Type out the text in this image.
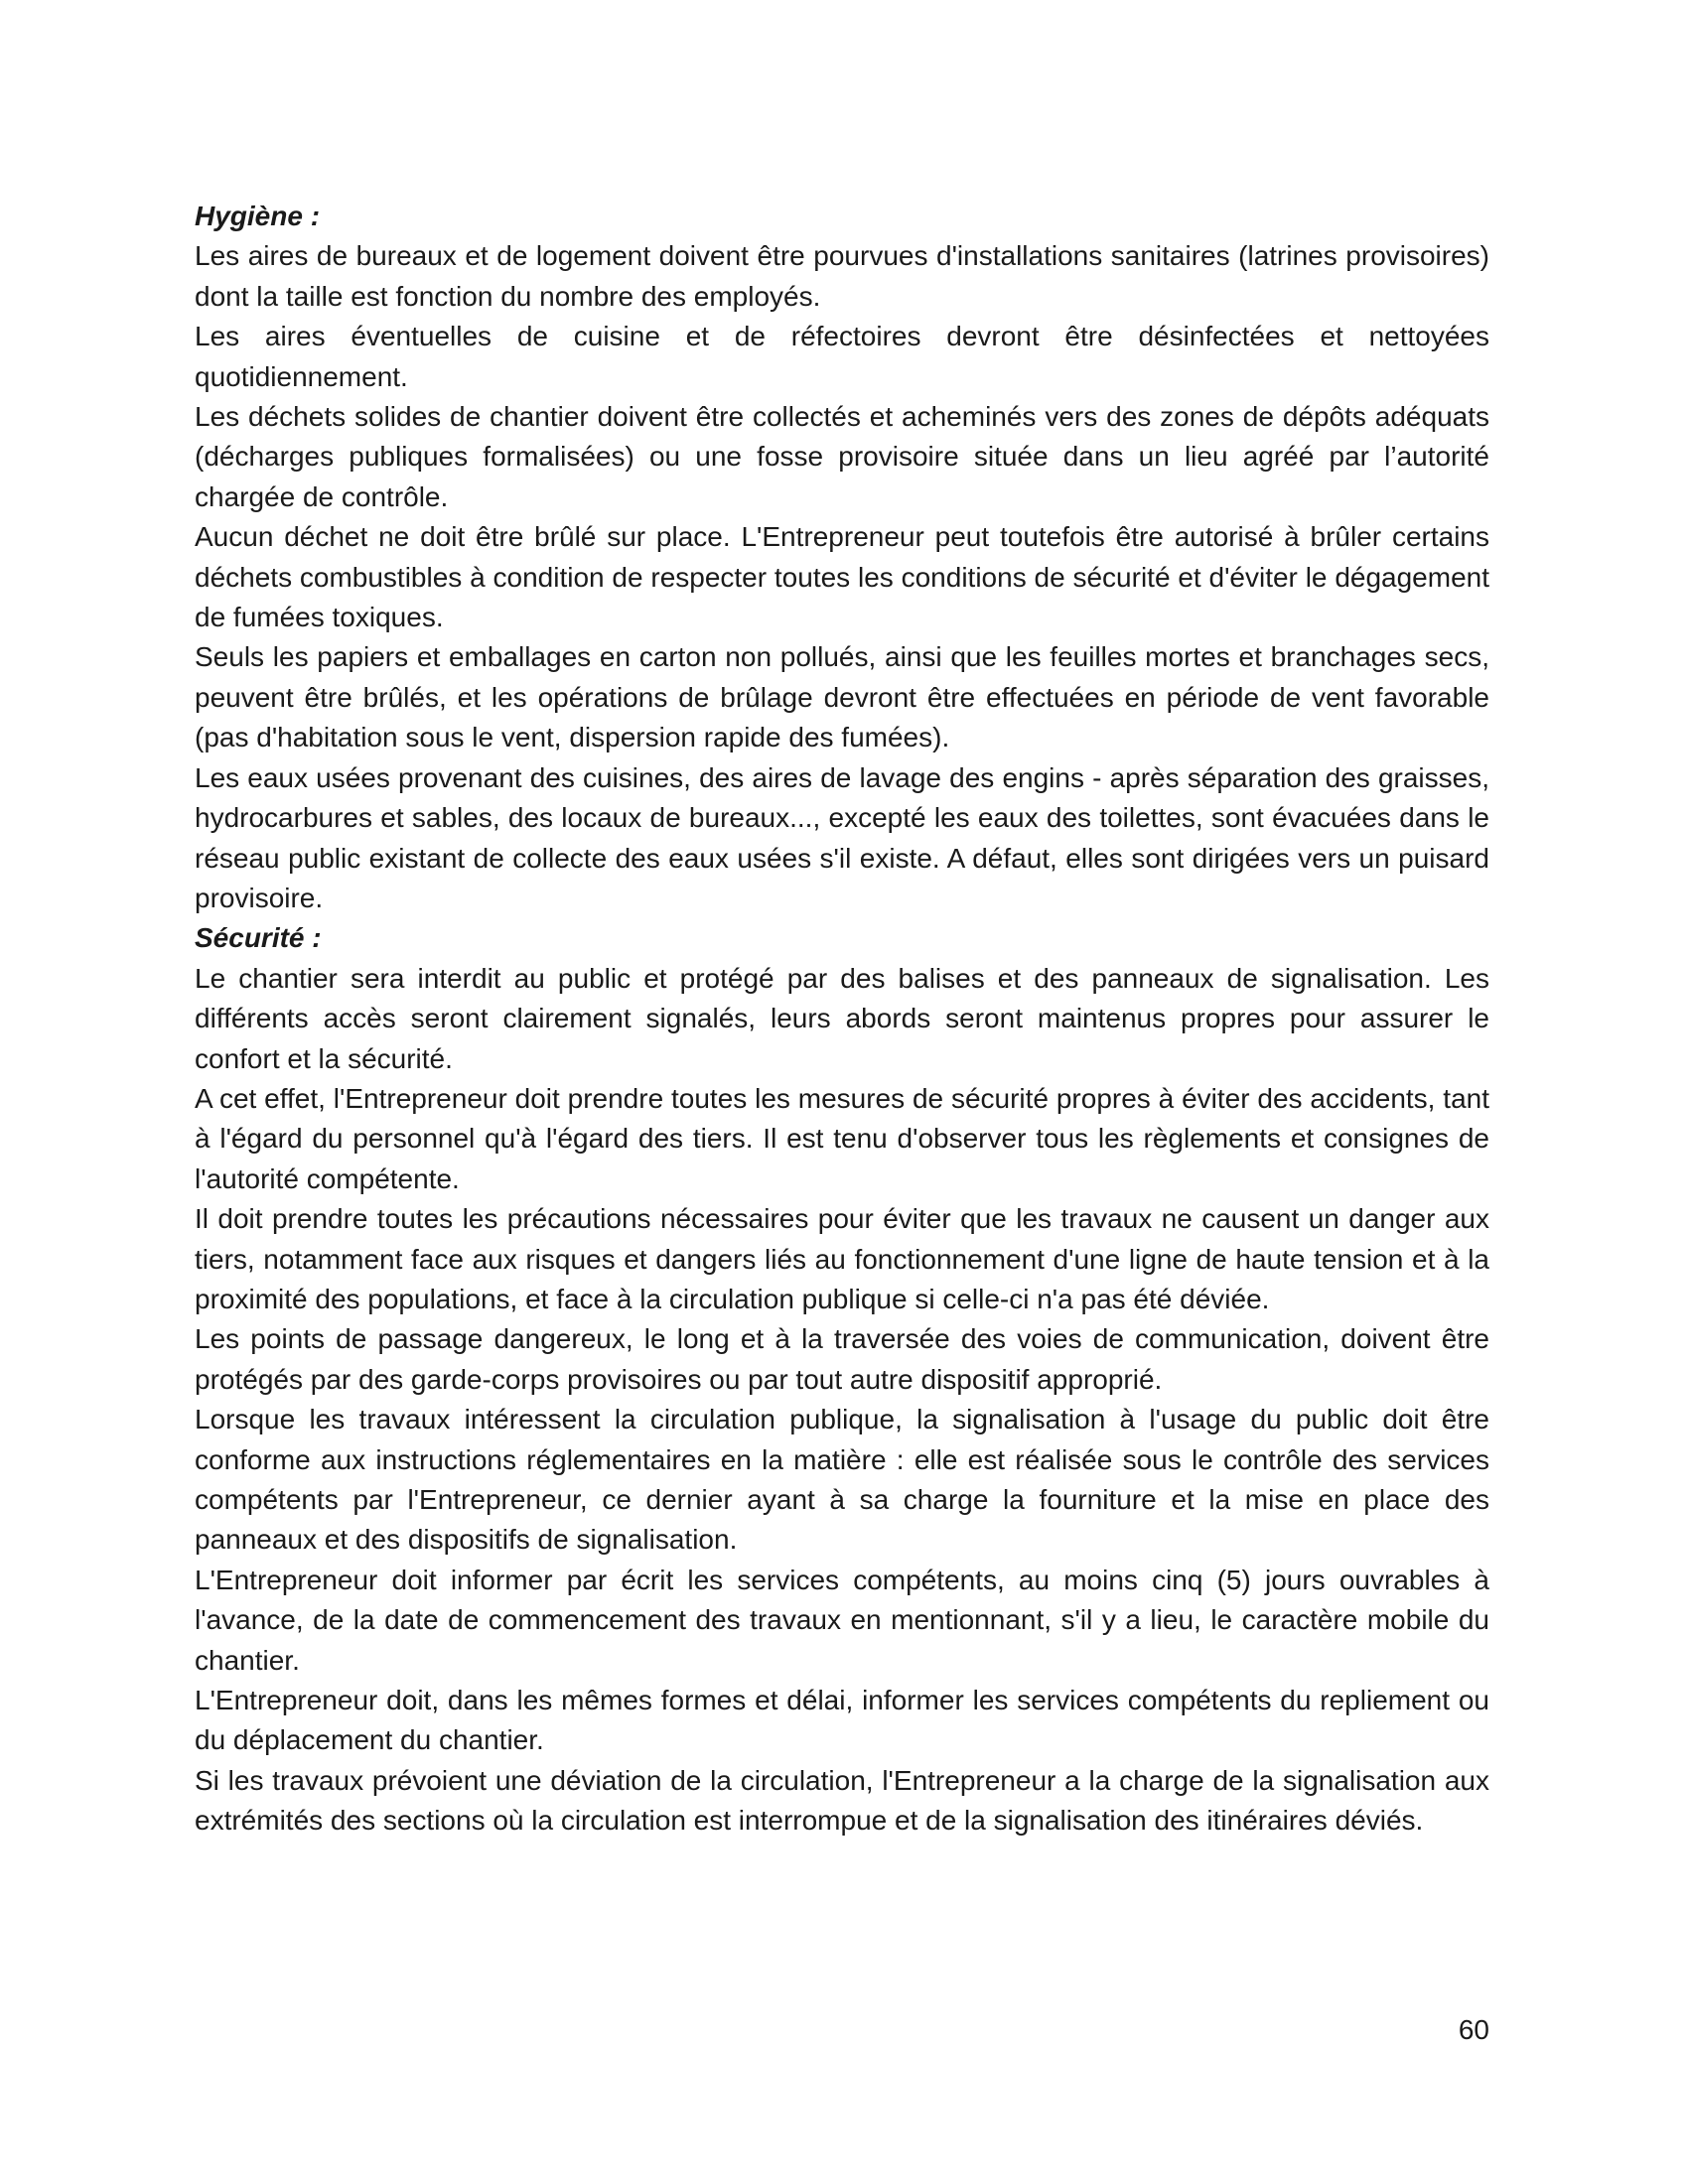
Hygiène :

Les aires de bureaux et de logement doivent être pourvues d'installations sanitaires (latrines provisoires) dont la taille est fonction du nombre des employés.

Les aires éventuelles de cuisine et de réfectoires devront être désinfectées et nettoyées quotidiennement.

Les déchets solides de chantier doivent être collectés et acheminés vers des zones de dépôts adéquats (décharges publiques formalisées) ou une fosse provisoire située dans un lieu agréé par l’autorité chargée de contrôle.

Aucun déchet ne doit être brûlé sur place. L'Entrepreneur peut toutefois être autorisé à brûler certains déchets combustibles à condition de respecter toutes les conditions de sécurité et d'éviter le dégagement de fumées toxiques.

Seuls les papiers et emballages en carton non pollués, ainsi que les feuilles mortes et branchages secs, peuvent être brûlés, et les opérations de brûlage devront être effectuées en période de vent favorable (pas d'habitation sous le vent, dispersion rapide des fumées).

Les eaux usées provenant des cuisines, des aires de lavage des engins - après séparation des graisses, hydrocarbures et sables, des locaux de bureaux..., excepté les eaux des toilettes, sont évacuées dans le réseau public existant de collecte des eaux usées s'il existe. A défaut, elles sont dirigées vers un puisard provisoire.

Sécurité :

Le chantier sera interdit au public et protégé par des balises et des panneaux de signalisation. Les différents accès seront clairement signalés, leurs abords seront maintenus propres pour assurer le confort et la sécurité.

A cet effet, l'Entrepreneur doit prendre toutes les mesures de sécurité propres à éviter des accidents, tant à l'égard du personnel qu'à l'égard des tiers. Il est tenu d'observer tous les règlements et consignes de l'autorité compétente.

Il doit prendre toutes les précautions nécessaires pour éviter que les travaux ne causent un danger aux tiers, notamment face aux risques et dangers liés au fonctionnement d'une ligne de haute tension et à la proximité des populations, et face à la circulation publique si celle-ci n'a pas été déviée.

Les points de passage dangereux, le long et à la traversée des voies de communication, doivent être protégés par des garde-corps provisoires ou par tout autre dispositif approprié.

Lorsque les travaux intéressent la circulation publique, la signalisation à l'usage du public doit être conforme aux instructions réglementaires en la matière : elle est réalisée sous le contrôle des services compétents par l'Entrepreneur, ce dernier ayant à sa charge la fourniture et la mise en place des panneaux et des dispositifs de signalisation.

L'Entrepreneur doit informer par écrit les services compétents, au moins cinq (5) jours ouvrables à l'avance, de la date de commencement des travaux en mentionnant, s'il y a lieu, le caractère mobile du chantier.

L'Entrepreneur doit, dans les mêmes formes et délai, informer les services compétents du repliement ou du déplacement du chantier.

Si les travaux prévoient une déviation de la circulation, l'Entrepreneur a la charge de la signalisation aux extrémités des sections où la circulation est interrompue et de la signalisation des itinéraires déviés.

60
